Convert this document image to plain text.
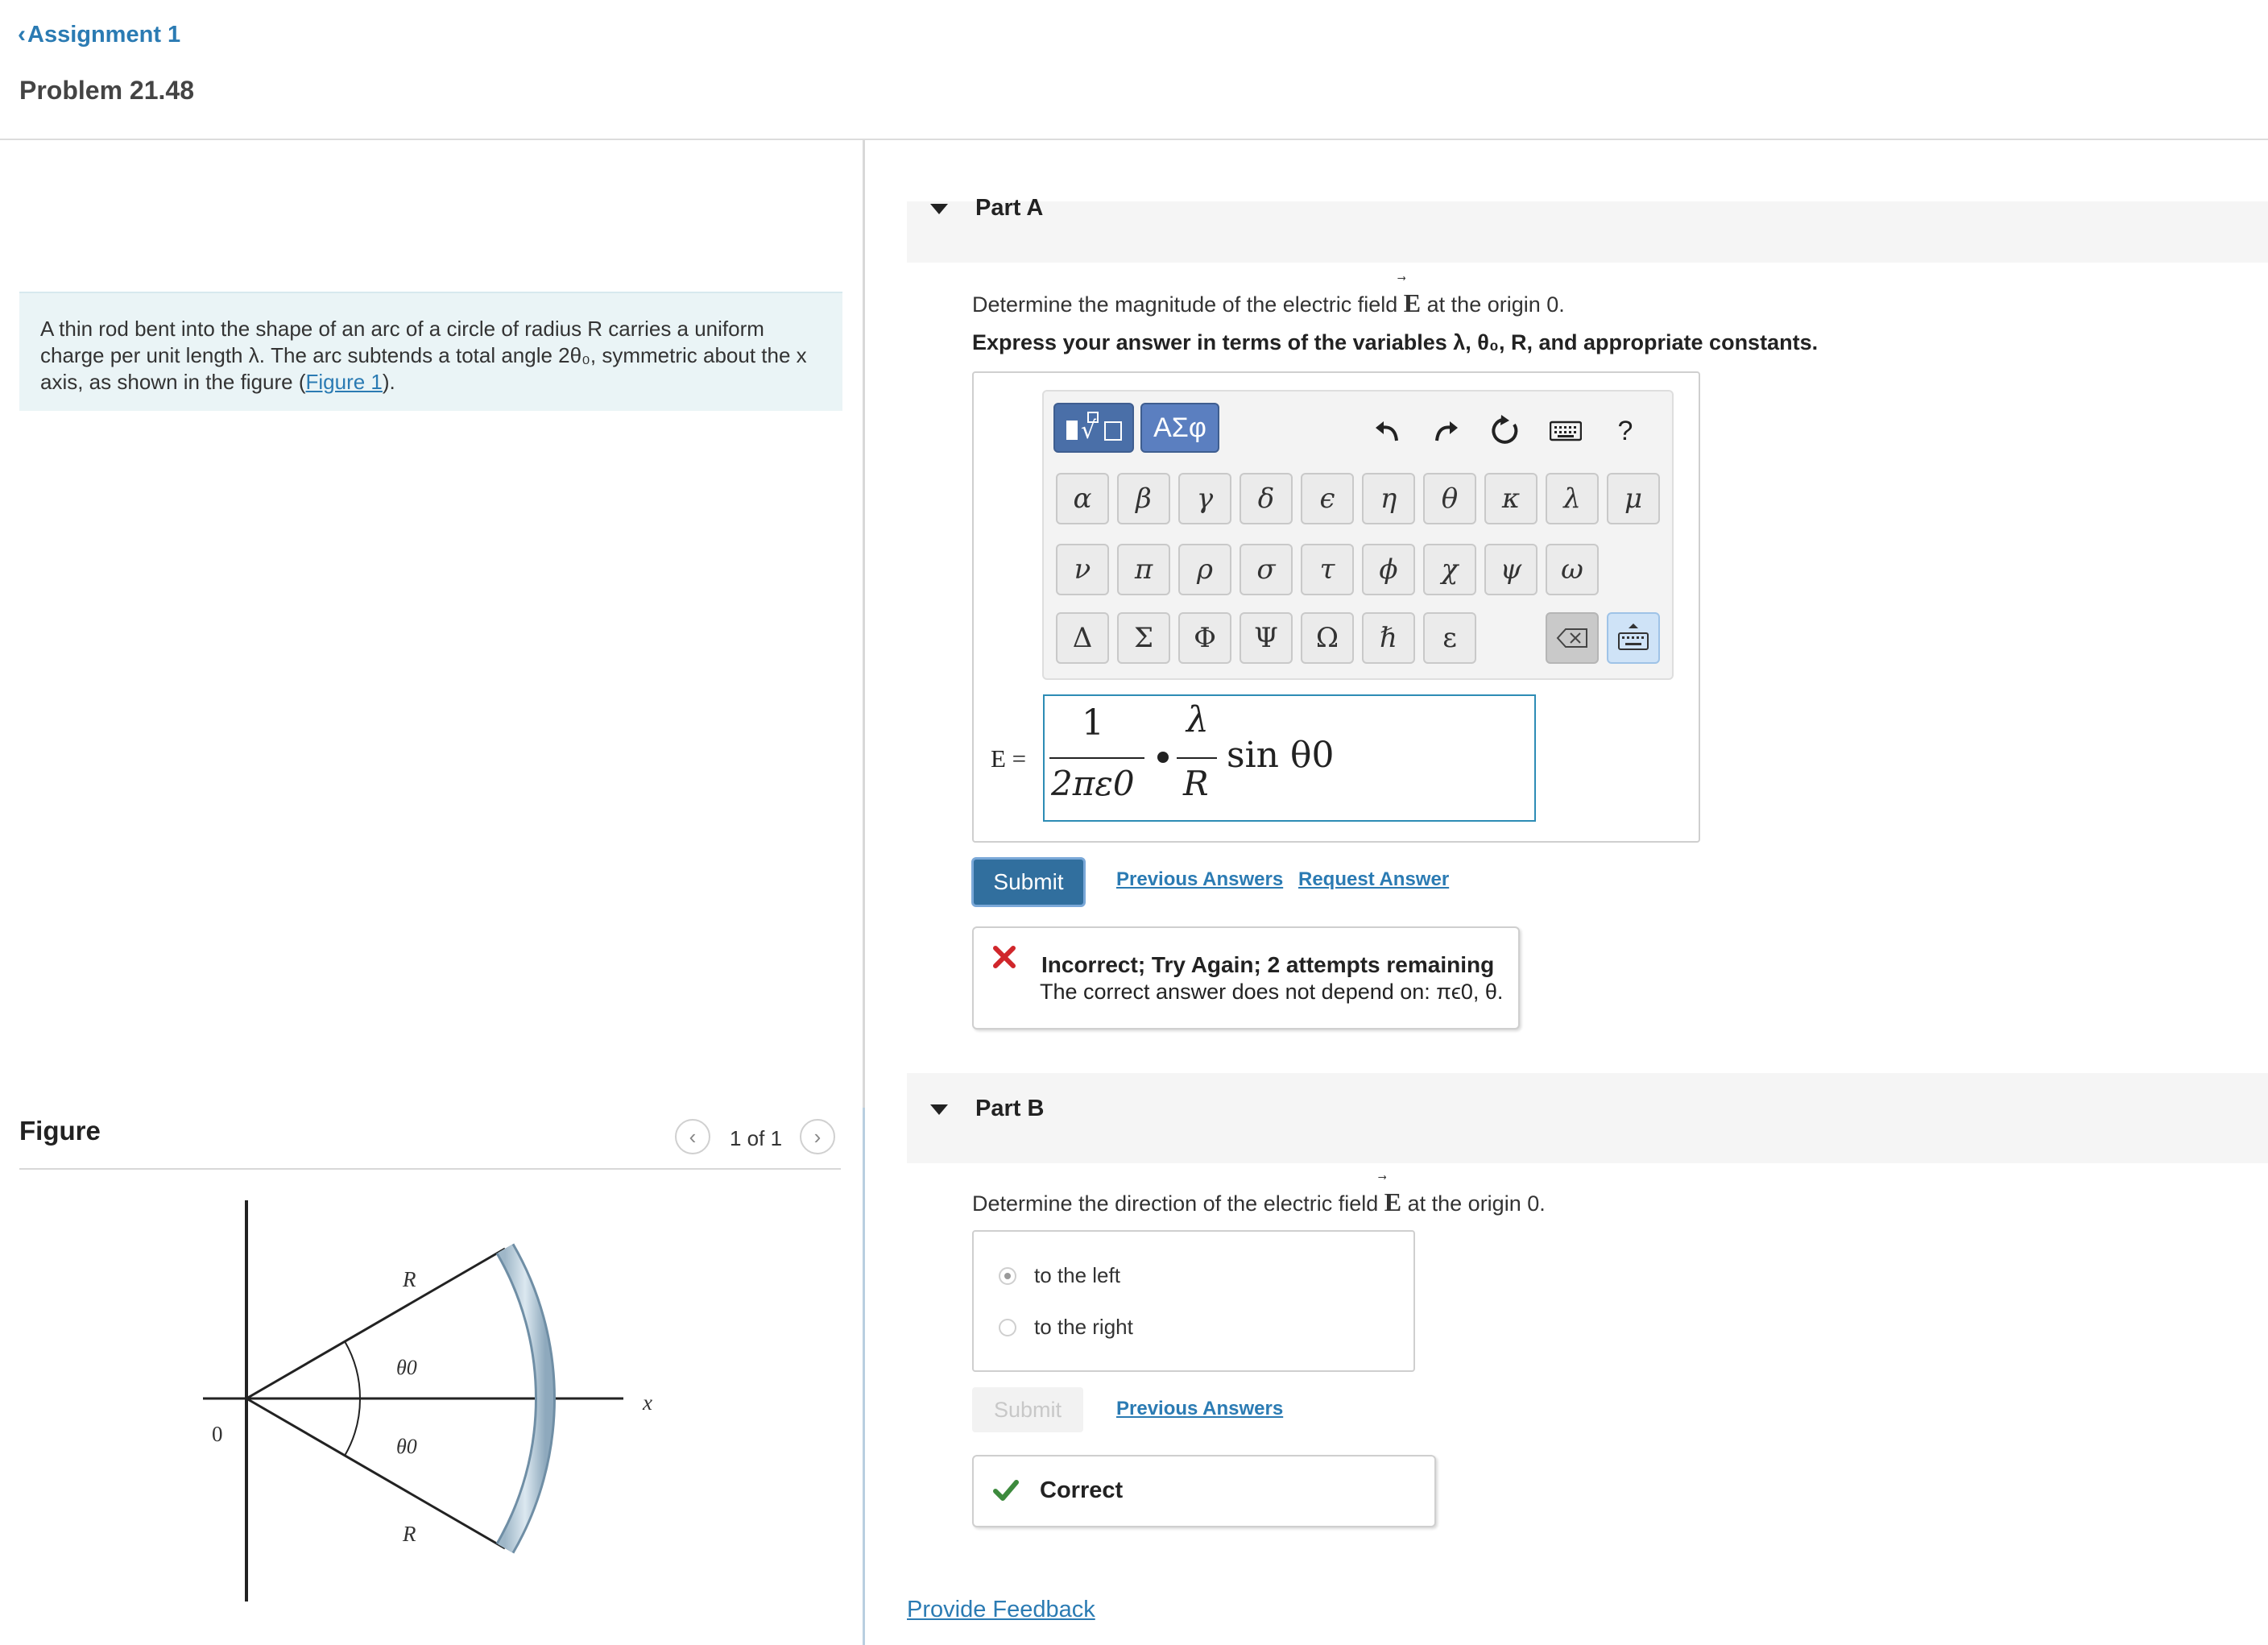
‹ Assignment 1
Problem 21.48
A thin rod bent into the shape of an arc of a circle of radius R carries a uniform charge per unit length λ. The arc subtends a total angle 2θ₀, symmetric about the x axis, as shown in the figure (Figure 1).
Figure	‹ 1 of 1 ›
R
θ0
θ0
R
0
x
Part A
Determine the magnitude of the electric field E at the origin 0.
Express your answer in terms of the variables λ, θ₀, R, and appropriate constants.
√	ΑΣφ	?
α	β	γ	δ	ϵ	η	θ	κ	λ	μ
ν	π	ρ	σ	τ	ϕ	χ	ψ	ω
Δ	Σ	Φ	Ψ	Ω	ℏ	ε
E =
1
2πε0
λ
R
sin θ0
Submit	Previous Answers Request Answer
Incorrect; Try Again; 2 attempts remaining
The correct answer does not depend on: πϵ0, θ.
Part B
Determine the direction of the electric field E at the origin 0.
to the left
to the right
Submit	Previous Answers
Correct
Provide Feedback
